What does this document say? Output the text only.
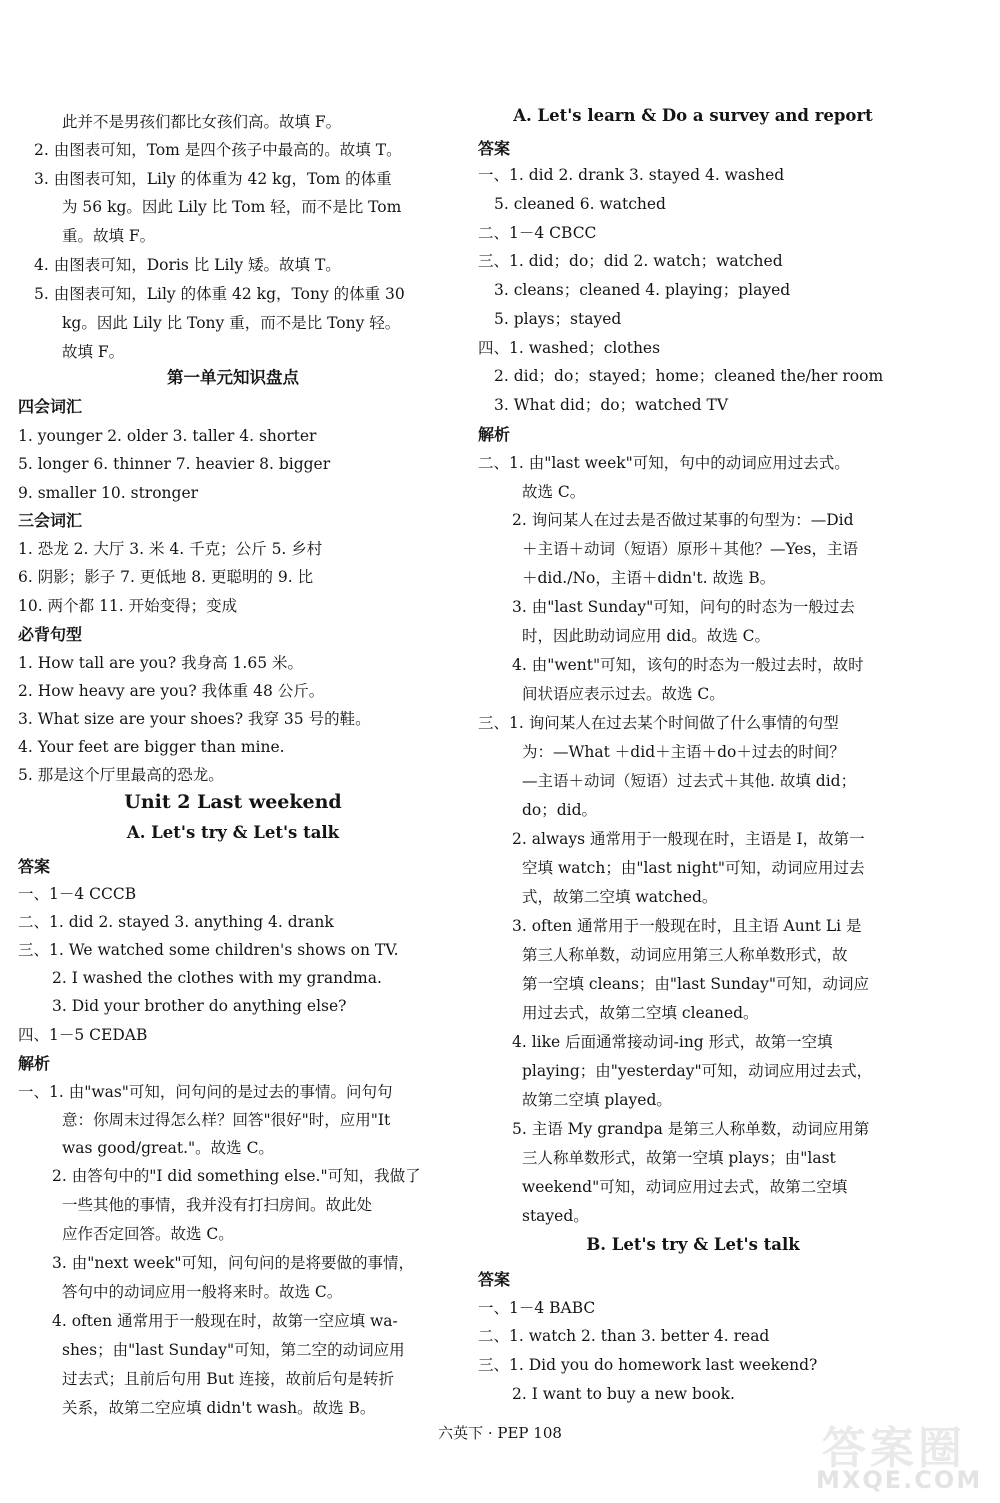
此并不是男孩们都比女孩们高。故填 F。
2. 由图表可知，Tom 是四个孩子中最高的。故填 T。
3. 由图表可知，Lily 的体重为 42 kg，Tom 的体重
为 56 kg。因此 Lily 比 Tom 轻，而不是比 Tom
重。故填 F。
4. 由图表可知，Doris 比 Lily 矮。故填 T。
5. 由图表可知，Lily 的体重 42 kg，Tony 的体重 30
kg。因此 Lily 比 Tony 重，而不是比 Tony 轻。
故填 F。
第一单元知识盘点
四会词汇
1. younger 2. older 3. taller 4. shorter
5. longer 6. thinner 7. heavier 8. bigger
9. smaller 10. stronger
三会词汇
1. 恐龙 2. 大厅 3. 米 4. 千克；公斤 5. 乡村
6. 阴影；影子 7. 更低地 8. 更聪明的 9. 比
10. 两个都 11. 开始变得；变成
必背句型
1. How tall are you? 我身高 1.65 米。
2. How heavy are you? 我体重 48 公斤。
3. What size are your shoes? 我穿 35 号的鞋。
4. Your feet are bigger than mine.
5. 那是这个厅里最高的恐龙。
Unit 2 Last weekend
A. Let's try & Let's talk
答案
一、1－4 CCCB
二、1. did 2. stayed 3. anything 4. drank
三、1. We watched some children's shows on TV.
2. I washed the clothes with my grandma.
3. Did your brother do anything else?
四、1－5 CEDAB
解析
一、1. 由"was"可知，问句问的是过去的事情。问句句
意：你周末过得怎么样？回答"很好"时，应用"It
was good/great."。故选 C。
2. 由答句中的"I did something else."可知，我做了
一些其他的事情，我并没有打扫房间。故此处
应作否定回答。故选 C。
3. 由"next week"可知，问句问的是将要做的事情，
答句中的动词应用一般将来时。故选 C。
4. often 通常用于一般现在时，故第一空应填 wa-
shes；由"last Sunday"可知，第二空的动词应用
过去式；且前后句用 But 连接，故前后句是转折
关系，故第二空应填 didn't wash。故选 B。
A. Let's learn & Do a survey and report
答案
一、1. did 2. drank 3. stayed 4. washed
5. cleaned 6. watched
二、1－4 CBCC
三、1. did；do；did 2. watch；watched
3. cleans；cleaned 4. playing；played
5. plays；stayed
四、1. washed；clothes
2. did；do；stayed；home；cleaned the/her room
3. What did；do；watched TV
解析
二、1. 由"last week"可知，句中的动词应用过去式。
故选 C。
2. 询问某人在过去是否做过某事的句型为：—Did
＋主语＋动词（短语）原形＋其他？—Yes，主语
＋did./No，主语＋didn't. 故选 B。
3. 由"last Sunday"可知，问句的时态为一般过去
时，因此助动词应用 did。故选 C。
4. 由"went"可知，该句的时态为一般过去时，故时
间状语应表示过去。故选 C。
三、1. 询问某人在过去某个时间做了什么事情的句型
为：—What ＋did＋主语＋do＋过去的时间？
—主语＋动词（短语）过去式＋其他. 故填 did；
do；did。
2. always 通常用于一般现在时，主语是 I，故第一
空填 watch；由"last night"可知，动词应用过去
式，故第二空填 watched。
3. often 通常用于一般现在时，且主语 Aunt Li 是
第三人称单数，动词应用第三人称单数形式，故
第一空填 cleans；由"last Sunday"可知，动词应
用过去式，故第二空填 cleaned。
4. like 后面通常接动词-ing 形式，故第一空填
playing；由"yesterday"可知，动词应用过去式，
故第二空填 played。
5. 主语 My grandpa 是第三人称单数，动词应用第
三人称单数形式，故第一空填 plays；由"last
weekend"可知，动词应用过去式，故第二空填
stayed。
B. Let's try & Let's talk
答案
一、1－4 BABC
二、1. watch 2. than 3. better 4. read
三、1. Did you do homework last weekend?
2. I want to buy a new book.
六英下 · PEP 108	答案圈
MXQE.COM
